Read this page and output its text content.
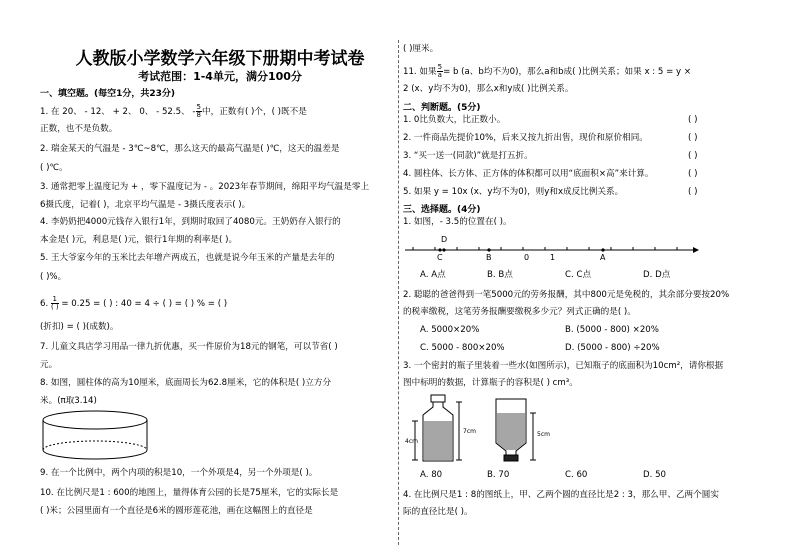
人教版小学数学六年级下册期中考试卷
考试范围：1-4单元，满分100分
一、填空题。(每空1分，共23分)
1. 在 20、 - 12、 + 2、 0、 - 52.5、 - $\frac{5}{8}$ 中，正数有( )个，( )既不是
正数，也不是负数。
2. 瑞金某天的气温是 - 3℃~8℃，那么这天的最高气温是( )℃，这天的温差是
( )℃。
3. 通常把零上温度记为 + ，零下温度记为 - 。2023年春节期间，绵阳平均气温是零上
6摄氏度，记着( )，北京平均气温是 - 3摄氏度表示( )。
4. 李奶奶把4000元钱存入银行1年，到期时取回了4080元。王奶奶存入银行的
本金是( )元，利息是( )元，银行1年期的利率是( )。
5. 王大爷家今年的玉米比去年增产两成五，也就是说今年玉米的产量是去年的
( )%。
6. $\frac{1}{( )} = 0.25$ = ( ) : 40 = 4 ÷ ( ) = ( ) % = ( )
(折扣) = ( )(成数)。
7. 儿童文具店学习用品一律九折优惠，买一件原价为18元的钢笔，可以节省( )
元。
8. 如图，圆柱体的高为10厘米，底面周长为62.8厘米，它的体积是( )立方分
米。(π取3.14)
9. 在一个比例中，两个内项的积是10，一个外项是4，另一个外项是( )。
10. 在比例尺是1 : 600的地图上，量得体育公园的长是75厘米，它的实际长是
( )米；公园里面有一个直径是6米的圆形莲花池，画在这幅图上的直径是
( )厘米。
11. 如果 $\frac{5}{a} = b$ (a、b均不为0)，那么a和b成( )比例关系；如果 x : 5 = y ×
2 (x、y均不为0)，那么x和y成( )比例关系。
二、判断题。(5分)
1. 0比负数大，比正数小。	( )
2. 一件商品先提价10%，后来又按九折出售，现价和原价相同。	( )
3. “买一送一(同款)”就是打五折。	( )
4. 圆柱体、长方体、正方体的体积都可以用“底面积×高”来计算。	( )
5. 如果 y = 10x (x、y均不为0)，则y和x成反比例关系。	( )
三、选择题。(4分)
1. 如图，- 3.5的位置在( )。
D
C	B	0	1	A
A. A点	B. B点	C. C点	D. D点
2. 聪聪的爸爸得到一笔5000元的劳务报酬，其中800元是免税的，其余部分要按20%
的税率缴税，这笔劳务报酬要缴税多少元？列式正确的是( )。
A. 5000×20%	B. (5000 - 800) ×20%
C. 5000 - 800×20%	D. (5000 - 800) ÷20%
3. 一个密封的瓶子里装着一些水(如图所示)，已知瓶子的底面积为10cm²，请你根据
图中标明的数据，计算瓶子的容积是( ) cm³。
4cm
7cm	5cm
A. 80	B. 70	C. 60	D. 50
4. 在比例尺是1 : 8的图纸上，甲、乙两个圆的直径比是2 : 3，那么甲、乙两个圆实
际的直径比是( )。
